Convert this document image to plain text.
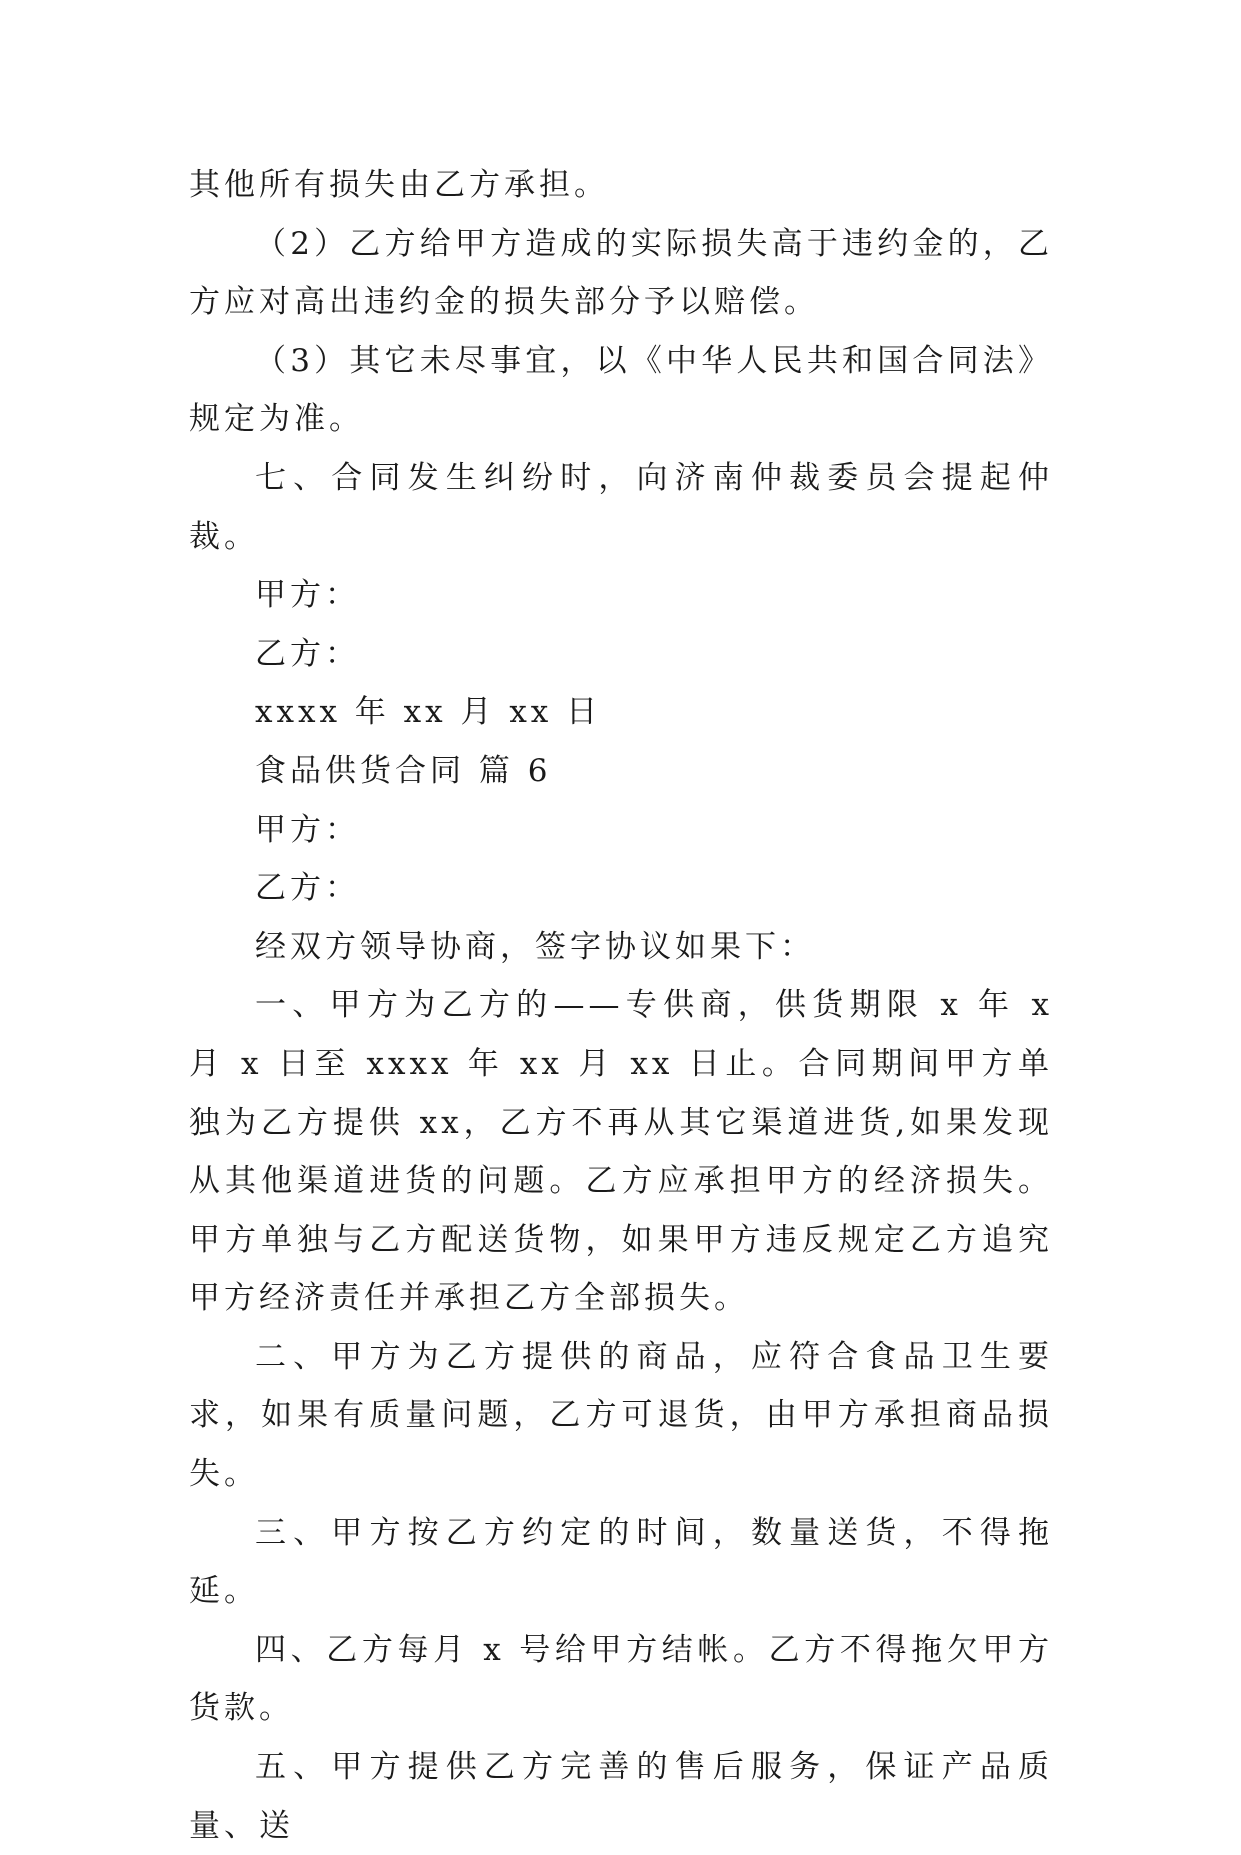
其他所有损失由乙方承担。

（2）乙方给甲方造成的实际损失高于违约金的，乙方应对高出违约金的损失部分予以赔偿。

（3）其它未尽事宜，以《中华人民共和国合同法》规定为准。

七、合同发生纠纷时，向济南仲裁委员会提起仲裁。

甲方：

乙方：

xxxx 年 xx 月 xx 日

食品供货合同 篇 6

甲方：

乙方：

经双方领导协商，签字协议如果下：

一、甲方为乙方的——专供商，供货期限 x 年 x 月 x 日至 xxxx 年 xx 月 xx 日止。合同期间甲方单独为乙方提供 xx，乙方不再从其它渠道进货,如果发现从其他渠道进货的问题。乙方应承担甲方的经济损失。甲方单独与乙方配送货物，如果甲方违反规定乙方追究甲方经济责任并承担乙方全部损失。

二、甲方为乙方提供的商品，应符合食品卫生要求，如果有质量问题，乙方可退货，由甲方承担商品损失。

三、甲方按乙方约定的时间，数量送货，不得拖延。

四、乙方每月 x 号给甲方结帐。乙方不得拖欠甲方货款。

五、甲方提供乙方完善的售后服务，保证产品质量、送
